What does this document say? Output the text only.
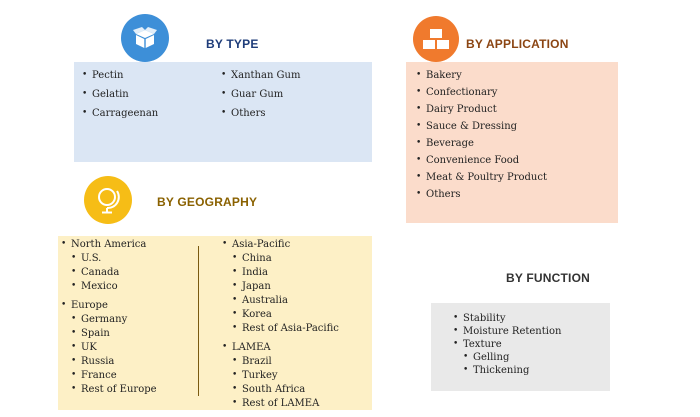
BY TYPE
• Pectin
• Gelatin
• Carrageenan
• Xanthan Gum
• Guar Gum
• Others
BY APPLICATION
• Bakery
• Confectionary
• Dairy Product
• Sauce & Dressing
• Beverage
• Convenience Food
• Meat & Poultry Product
• Others
BY GEOGRAPHY
• North America
• U.S.
• Canada
• Mexico
• Europe
• Germany
• Spain
• UK
• Russia
• France
• Rest of Europe
• Asia-Pacific
• China
• India
• Japan
• Australia
• Korea
• Rest of Asia-Pacific
• LAMEA
• Brazil
• Turkey
• South Africa
• Rest of LAMEA
BY FUNCTION
• Stability
• Moisture Retention
• Texture
• Gelling
• Thickening
